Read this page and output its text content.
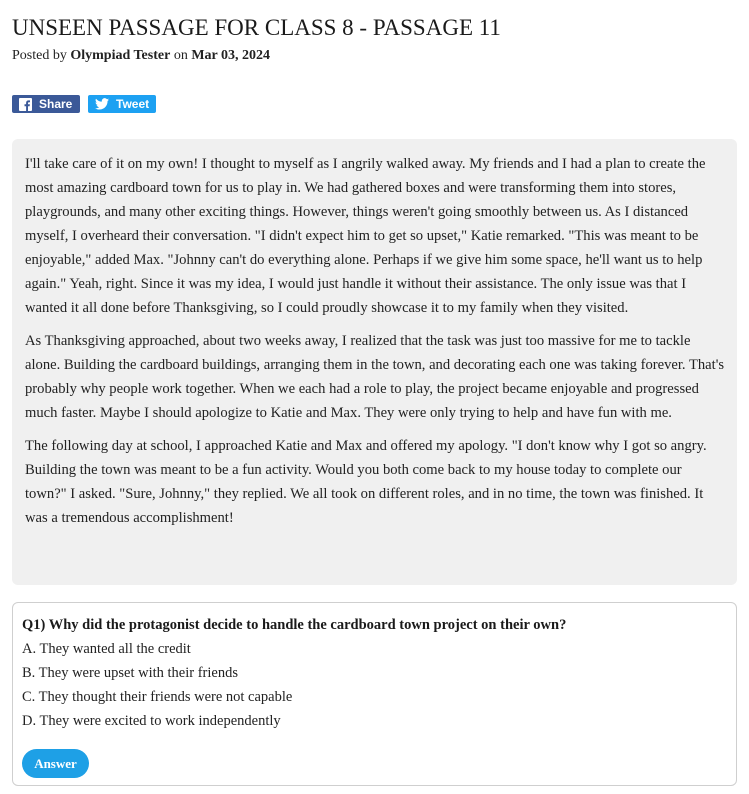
UNSEEN PASSAGE FOR CLASS 8 - PASSAGE 11
Posted by Olympiad Tester on Mar 03, 2024
Share	Tweet

I'll take care of it on my own! I thought to myself as I angrily walked away. My friends and I had a plan to create the most amazing cardboard town for us to play in. We had gathered boxes and were transforming them into stores, playgrounds, and many other exciting things. However, things weren't going smoothly between us. As I distanced myself, I overheard their conversation. "I didn't expect him to get so upset," Katie remarked. "This was meant to be enjoyable," added Max. "Johnny can't do everything alone. Perhaps if we give him some space, he'll want us to help again." Yeah, right. Since it was my idea, I would just handle it without their assistance. The only issue was that I wanted it all done before Thanksgiving, so I could proudly showcase it to my family when they visited.

As Thanksgiving approached, about two weeks away, I realized that the task was just too massive for me to tackle alone. Building the cardboard buildings, arranging them in the town, and decorating each one was taking forever. That's probably why people work together. When we each had a role to play, the project became enjoyable and progressed much faster. Maybe I should apologize to Katie and Max. They were only trying to help and have fun with me.

The following day at school, I approached Katie and Max and offered my apology. "I don't know why I got so angry. Building the town was meant to be a fun activity. Would you both come back to my house today to complete our town?" I asked. "Sure, Johnny," they replied. We all took on different roles, and in no time, the town was finished. It was a tremendous accomplishment!

Q1) Why did the protagonist decide to handle the cardboard town project on their own?
A. They wanted all the credit
B. They were upset with their friends
C. They thought their friends were not capable
D. They were excited to work independently
Answer
